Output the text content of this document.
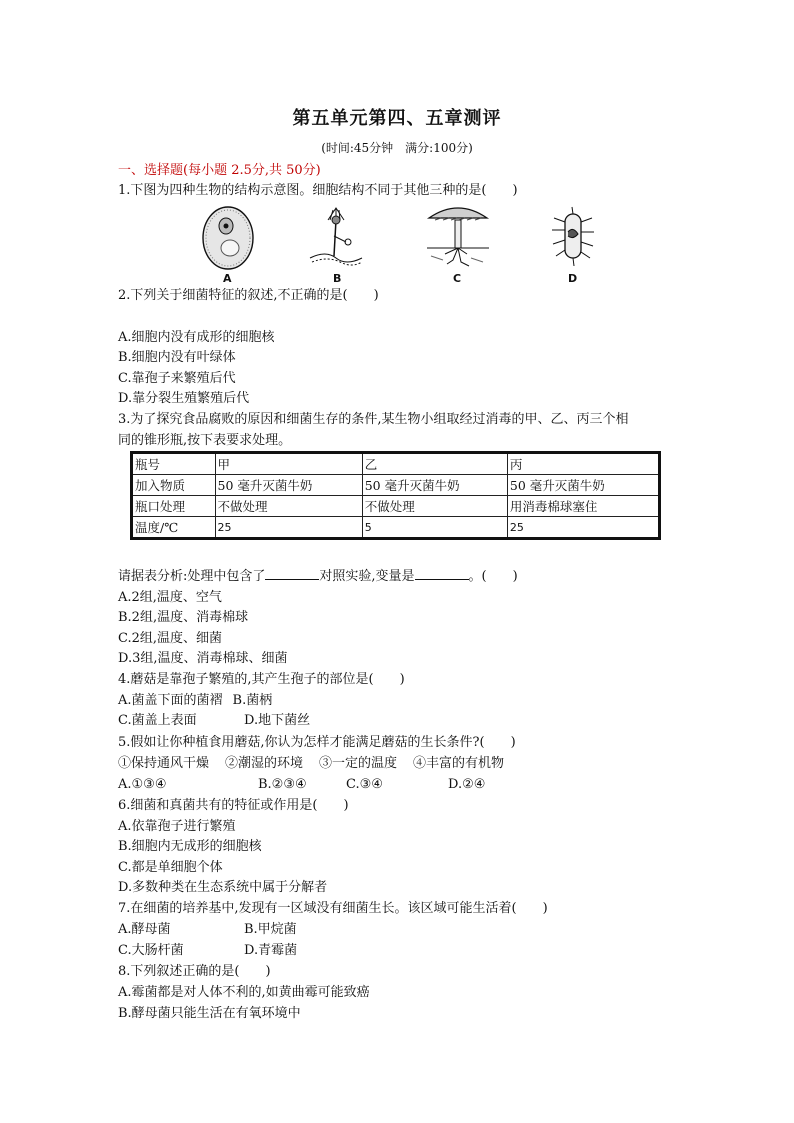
第五单元第四、五章测评
(时间:45分钟　满分:100分)
一、选择题(每小题 2.5分,共 50分)
1.下图为四种生物的结构示意图。细胞结构不同于其他三种的是(　　)
A	B	C	D
2.下列关于细菌特征的叙述,不正确的是(　　)
A.细胞内没有成形的细胞核
B.细胞内没有叶绿体
C.靠孢子来繁殖后代
D.靠分裂生殖繁殖后代
3.为了探究食品腐败的原因和细菌生存的条件,某生物小组取经过消毒的甲、乙、丙三个相
同的锥形瓶,按下表要求处理。
瓶号	甲	乙	丙
加入物质	50 毫升灭菌牛奶	50 毫升灭菌牛奶	50 毫升灭菌牛奶
瓶口处理	不做处理	不做处理	用消毒棉球塞住
温度/℃	25	5	25
请据表分析:处理中包含了	对照实验,变量是	。(　　)
A.2组,温度、空气
B.2组,温度、消毒棉球
C.2组,温度、细菌
D.3组,温度、消毒棉球、细菌
4.蘑菇是靠孢子繁殖的,其产生孢子的部位是(　　)
A.菌盖下面的菌褶 B.菌柄
C.菌盖上表面	D.地下菌丝
5.假如让你种植食用蘑菇,你认为怎样才能满足蘑菇的生长条件?(　　)
①保持通风干燥 ②潮湿的环境 ③一定的温度 ④丰富的有机物
A.①③④	B.②③④	C.③④	D.②④
6.细菌和真菌共有的特征或作用是(　　)
A.依靠孢子进行繁殖
B.细胞内无成形的细胞核
C.都是单细胞个体
D.多数种类在生态系统中属于分解者
7.在细菌的培养基中,发现有一区域没有细菌生长。该区域可能生活着(　　)
A.酵母菌	B.甲烷菌
C.大肠杆菌	D.青霉菌
8.下列叙述正确的是(　　)
A.霉菌都是对人体不利的,如黄曲霉可能致癌
B.酵母菌只能生活在有氧环境中
